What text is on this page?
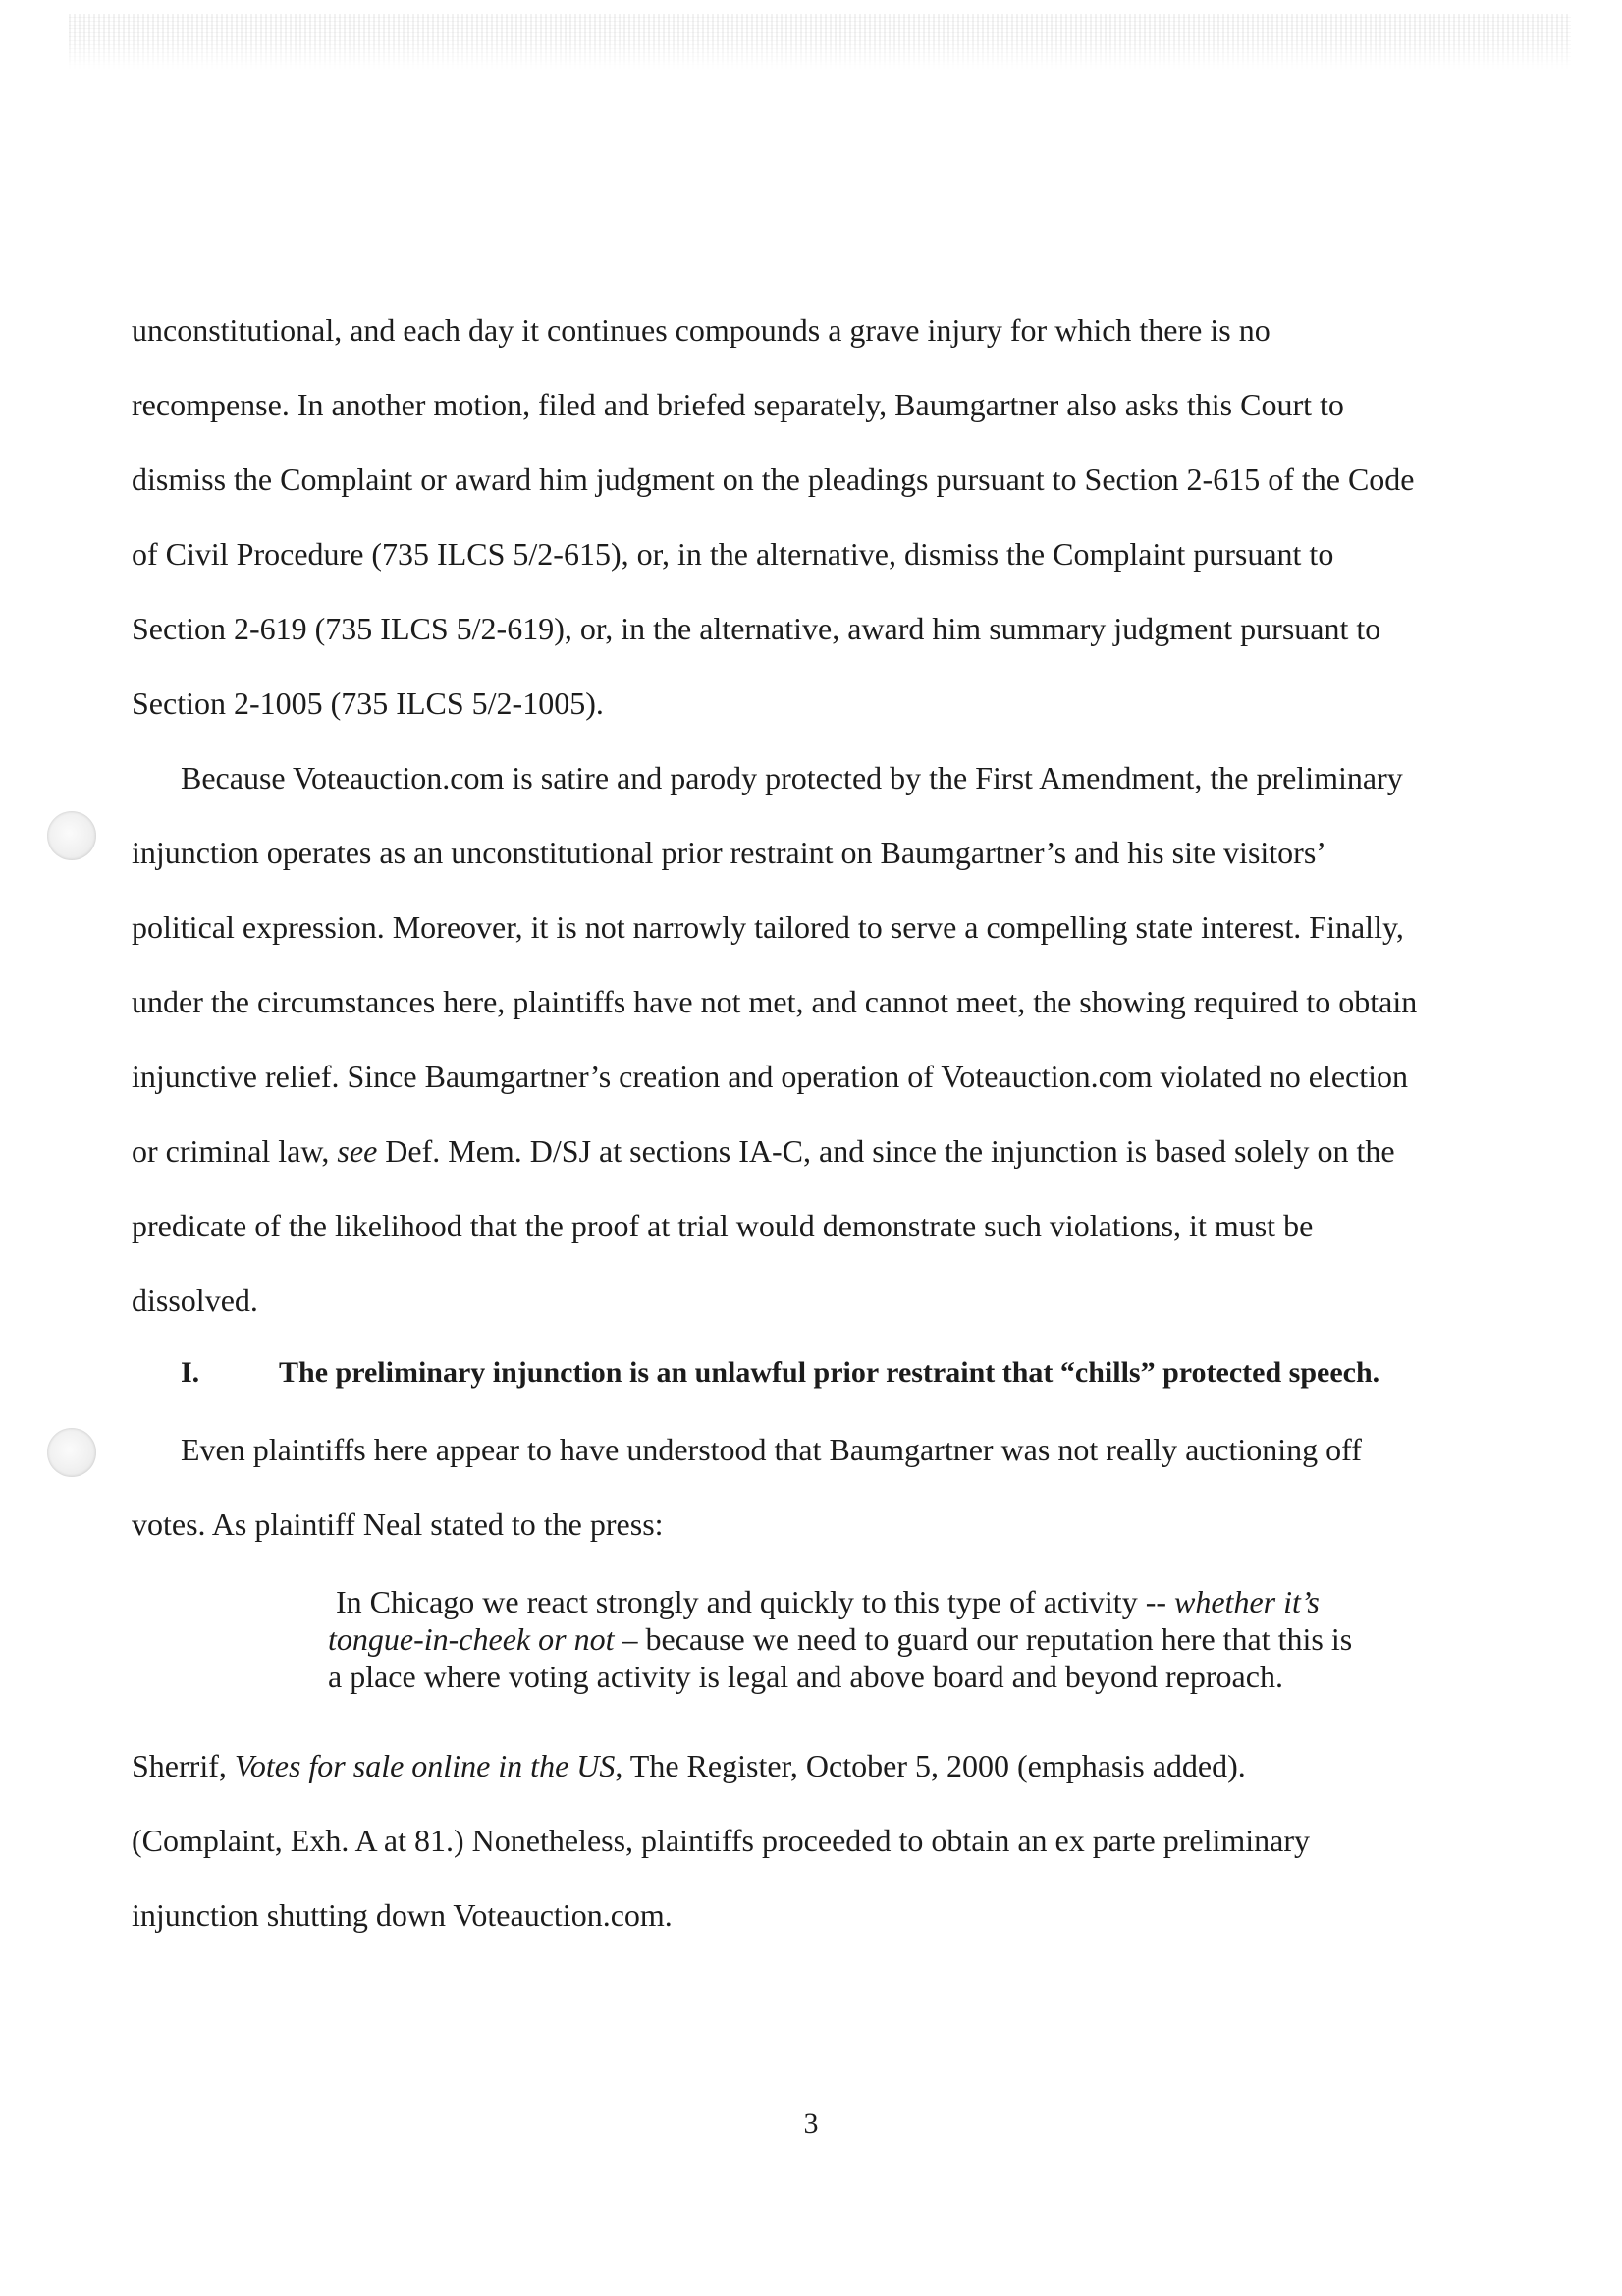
unconstitutional, and each day it continues compounds a grave injury for which there is no recompense. In another motion, filed and briefed separately, Baumgartner also asks this Court to dismiss the Complaint or award him judgment on the pleadings pursuant to Section 2-615 of the Code of Civil Procedure (735 ILCS 5/2-615), or, in the alternative, dismiss the Complaint pursuant to Section 2-619 (735 ILCS 5/2-619), or, in the alternative, award him summary judgment pursuant to Section 2-1005 (735 ILCS 5/2-1005).

Because Voteauction.com is satire and parody protected by the First Amendment, the preliminary injunction operates as an unconstitutional prior restraint on Baumgartner’s and his site visitors’ political expression. Moreover, it is not narrowly tailored to serve a compelling state interest. Finally, under the circumstances here, plaintiffs have not met, and cannot meet, the showing required to obtain injunctive relief. Since Baumgartner’s creation and operation of Voteauction.com violated no election or criminal law, see Def. Mem. D/SJ at sections IA-C, and since the injunction is based solely on the predicate of the likelihood that the proof at trial would demonstrate such violations, it must be dissolved.

I.	The preliminary injunction is an unlawful prior restraint that “chills” protected speech.

Even plaintiffs here appear to have understood that Baumgartner was not really auctioning off votes. As plaintiff Neal stated to the press:

In Chicago we react strongly and quickly to this type of activity -- whether it’s tongue-in-cheek or not – because we need to guard our reputation here that this is a place where voting activity is legal and above board and beyond reproach.

Sherrif, Votes for sale online in the US, The Register, October 5, 2000 (emphasis added).

(Complaint, Exh. A at 81.) Nonetheless, plaintiffs proceeded to obtain an ex parte preliminary injunction shutting down Voteauction.com.

3
